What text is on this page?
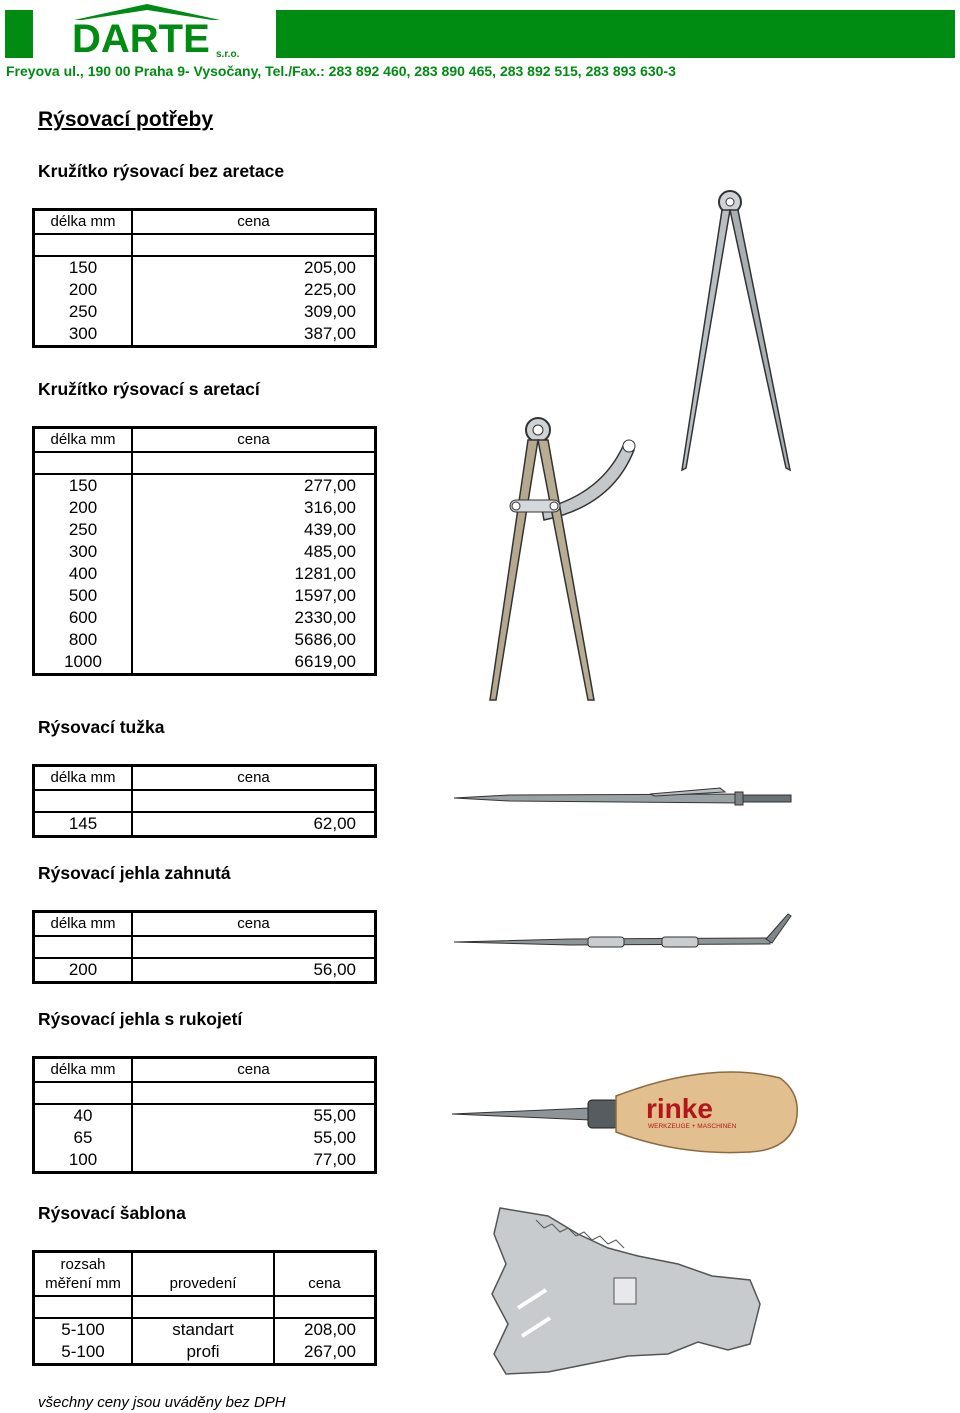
DARTE s.r.o.
Freyova ul., 190 00 Praha 9- Vysočany, Tel./Fax.: 283 892 460, 283 890 465, 283 892 515, 283 893 630-3
Rýsovací potřeby
Kružítko rýsovací bez aretace
délka mm	cena

150	205,00
200	225,00
250	309,00
300	387,00
Kružítko rýsovací s aretací
délka mm	cena

150	277,00
200	316,00
250	439,00
300	485,00
400	1281,00
500	1597,00
600	2330,00
800	5686,00
1000	6619,00
Rýsovací tužka
délka mm	cena

145	62,00
Rýsovací jehla zahnutá
délka mm	cena

200	56,00
Rýsovací jehla s rukojetí
délka mm	cena

40	55,00
65	55,00
100	77,00
Rýsovací šablona
rozsah
měření mm	provedení	cena

5-100	standart	208,00
5-100	profi	267,00
všechny ceny jsou uváděny bez DPH
rinke
WERKZEUGE + MASCHINEN
